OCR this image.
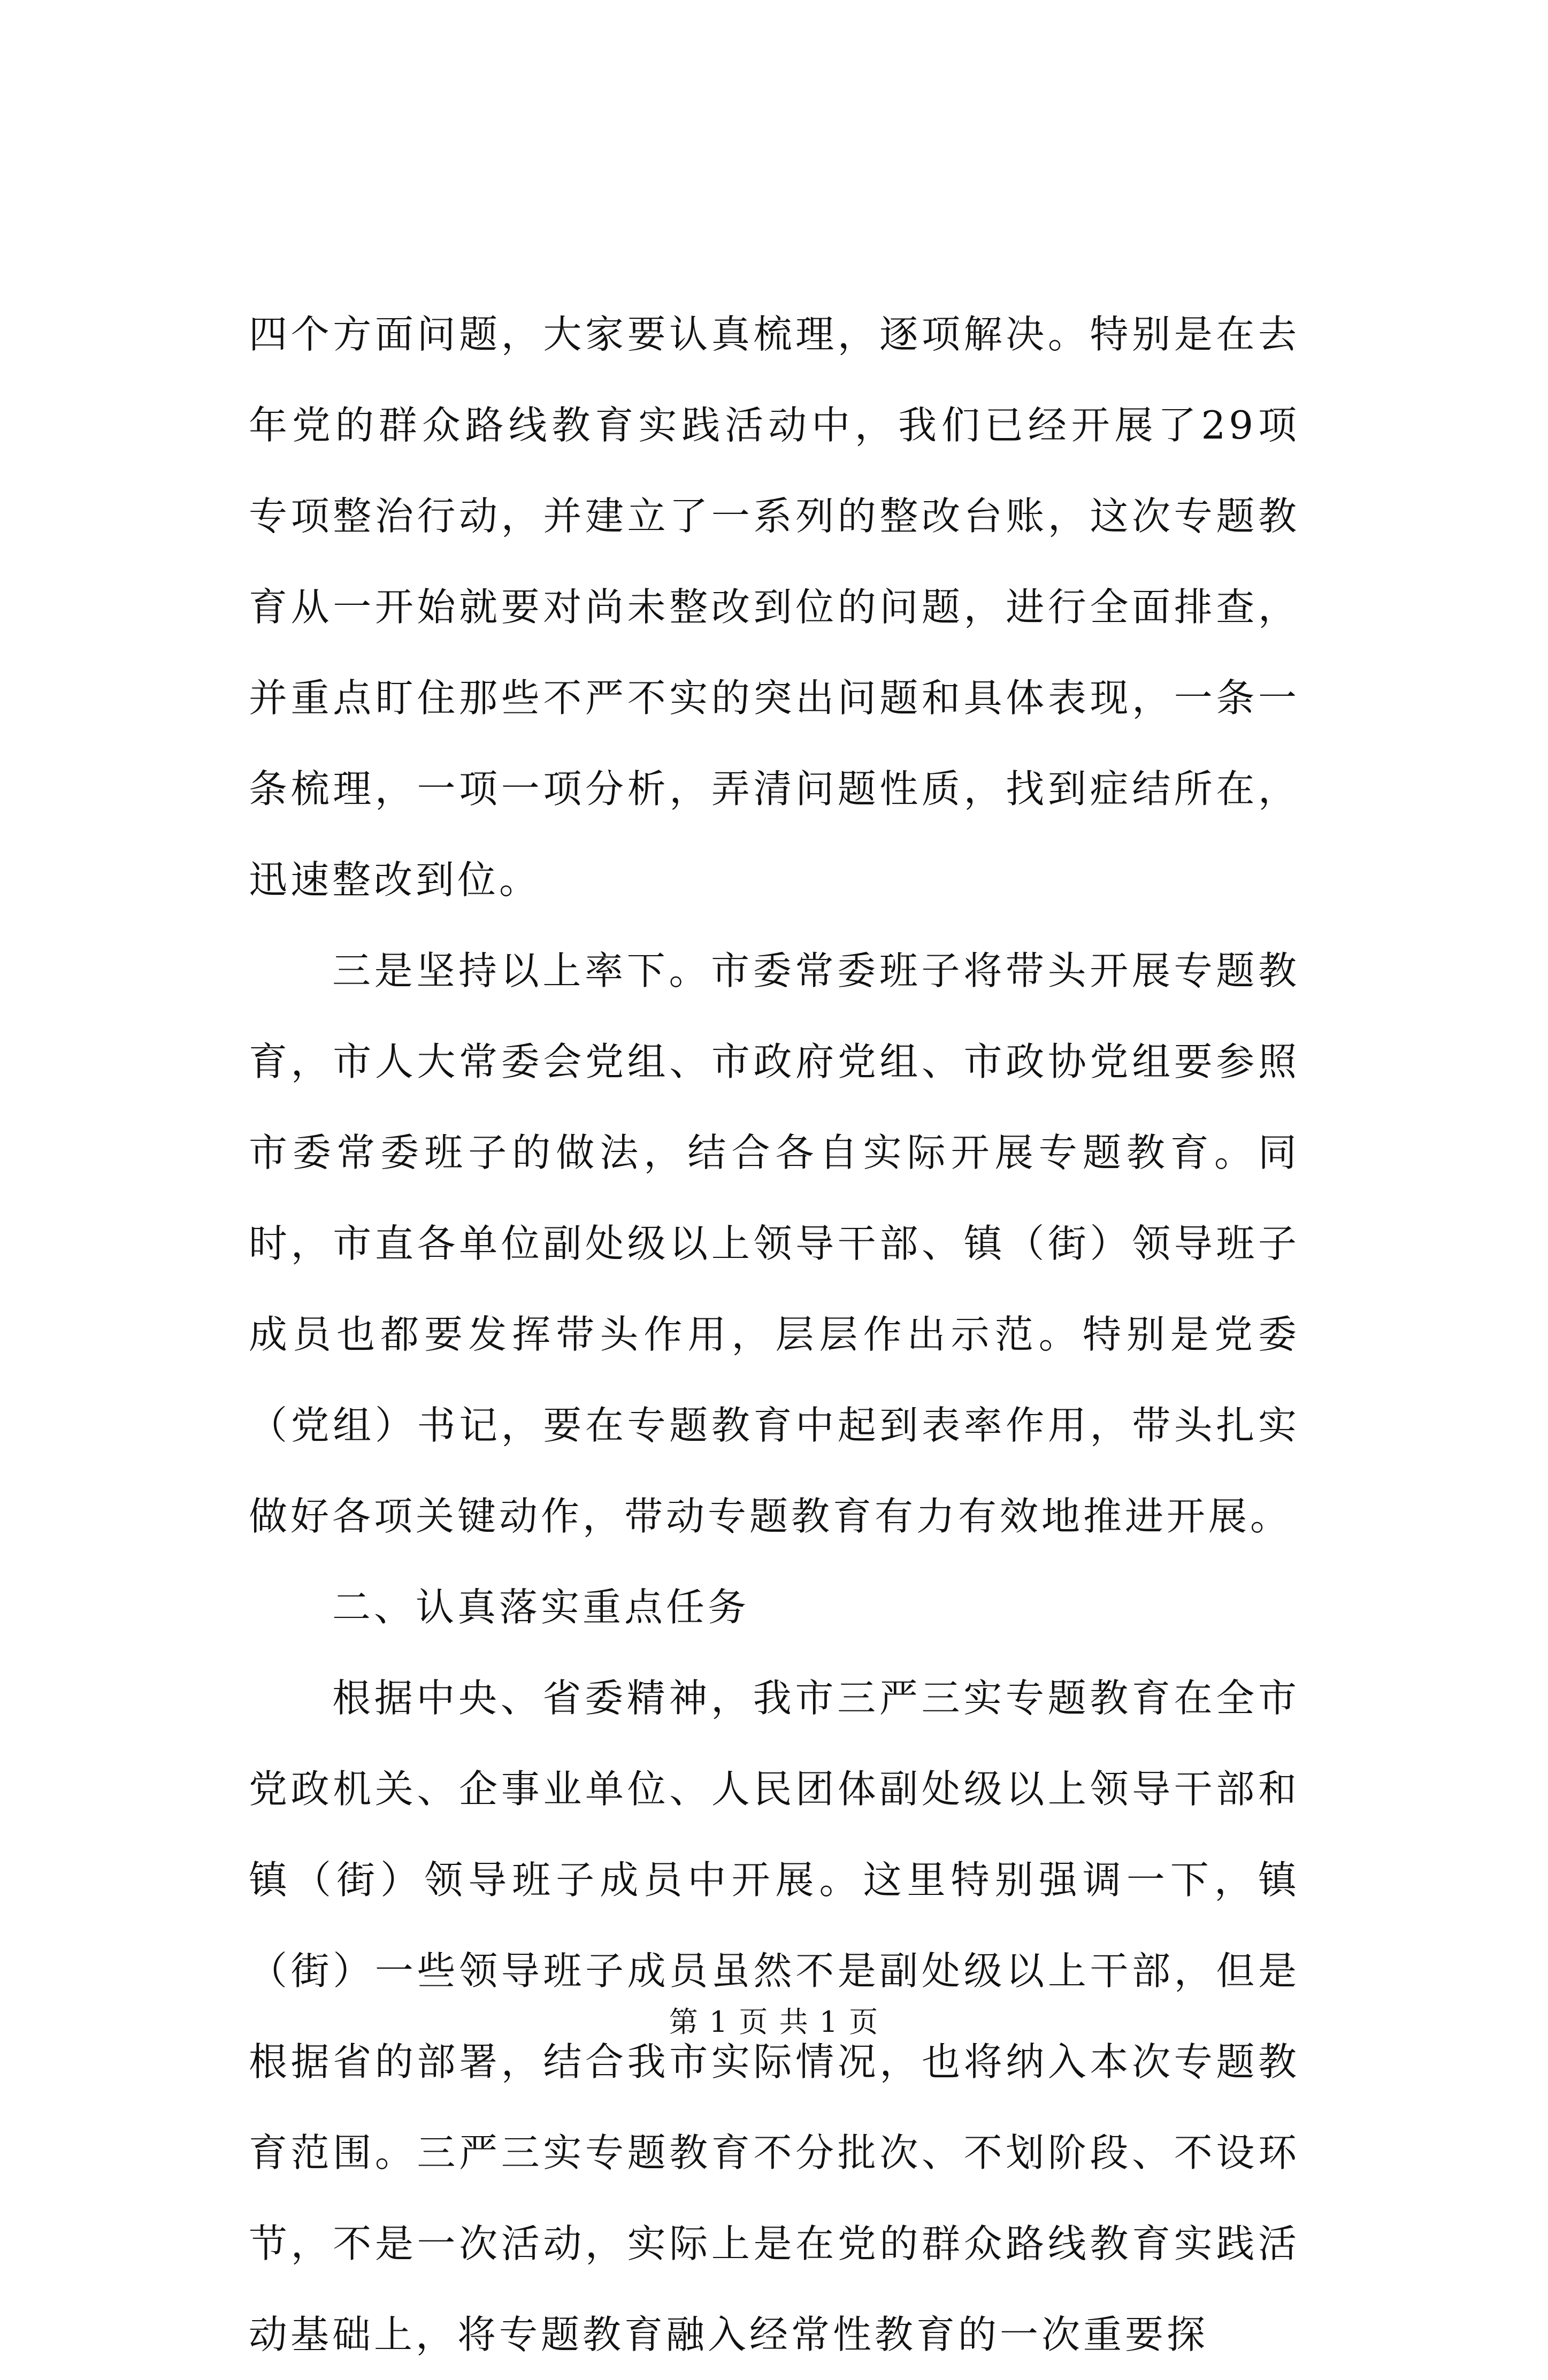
四个方面问题，大家要认真梳理，逐项解决。特别是在去年党的群众路线教育实践活动中，我们已经开展了29项专项整治行动，并建立了一系列的整改台账，这次专题教育从一开始就要对尚未整改到位的问题，进行全面排查，并重点盯住那些不严不实的突出问题和具体表现，一条一条梳理，一项一项分析，弄清问题性质，找到症结所在，迅速整改到位。

三是坚持以上率下。市委常委班子将带头开展专题教育，市人大常委会党组、市政府党组、市政协党组要参照市委常委班子的做法，结合各自实际开展专题教育。同时，市直各单位副处级以上领导干部、镇（街）领导班子成员也都要发挥带头作用，层层作出示范。特别是党委（党组）书记，要在专题教育中起到表率作用，带头扎实做好各项关键动作，带动专题教育有力有效地推进开展。

二、认真落实重点任务

根据中央、省委精神，我市三严三实专题教育在全市党政机关、企事业单位、人民团体副处级以上领导干部和镇（街）领导班子成员中开展。这里特别强调一下，镇（街）一些领导班子成员虽然不是副处级以上干部，但是根据省的部署，结合我市实际情况，也将纳入本次专题教育范围。三严三实专题教育不分批次、不划阶段、不设环节，不是一次活动，实际上是在党的群众路线教育实践活动基础上，将专题教育融入经常性教育的一次重要探

第 1 页 共 1 页
